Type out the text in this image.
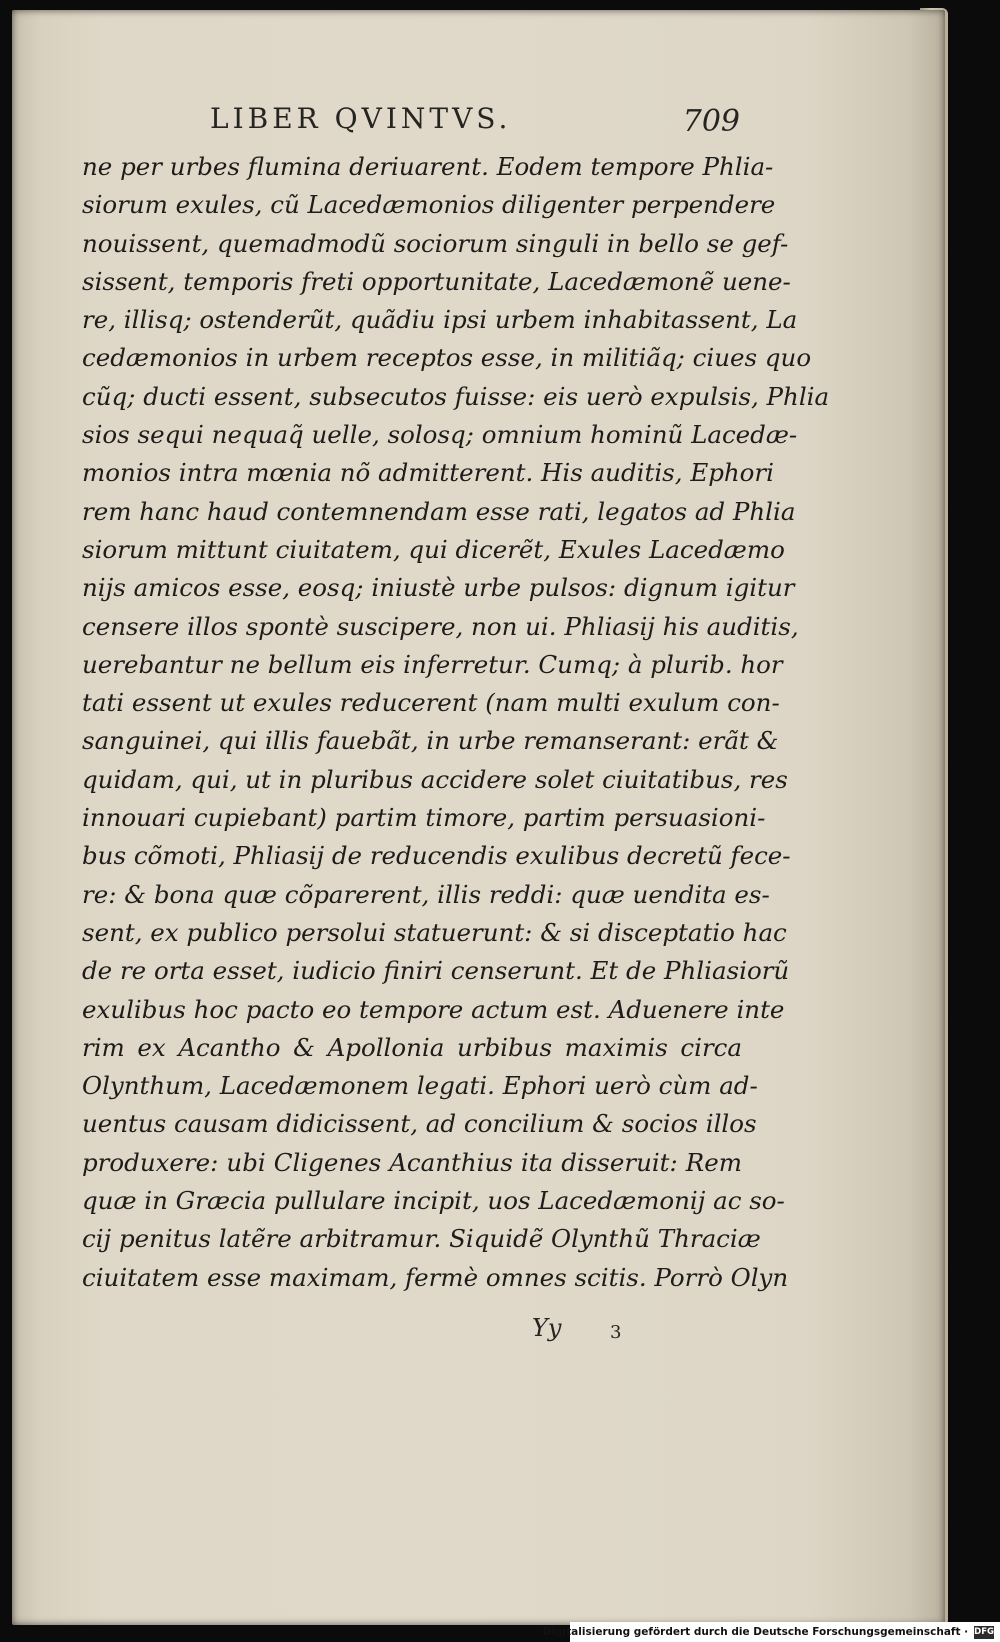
LIBER QVINTVS.	709
ne per urbes flumina deriuarent. Eodem tempore Phlia-
siorum exules, cũ Lacedæmonios diligenter perpendere
nouissent, quemadmodũ sociorum singuli in bello se gef-
sissent, temporis freti opportunitate, Lacedæmonẽ uene-
re, illisq; ostenderũt, quãdiu ipsi urbem inhabitassent, La
cedæmonios in urbem receptos esse, in militiãq; ciues quo
cũq; ducti essent, subsecutos fuisse: eis uerò expulsis, Phlia
sios sequi nequaq̃ uelle, solosq; omnium hominũ Lacedæ-
monios intra mœnia nõ admitterent. His auditis, Ephori
rem hanc haud contemnendam esse rati, legatos ad Phlia
siorum mittunt ciuitatem, qui dicerẽt, Exules Lacedæmo
nijs amicos esse, eosq; iniustè urbe pulsos: dignum igitur
censere illos spontè suscipere, non ui. Phliasij his auditis,
uerebantur ne bellum eis inferretur. Cumq; à plurib. hor
tati essent ut exules reducerent (nam multi exulum con-
sanguinei, qui illis fauebãt, in urbe remanserant: erãt &
quidam, qui, ut in pluribus accidere solet ciuitatibus, res
innouari cupiebant) partim timore, partim persuasioni-
bus cõmoti, Phliasij de reducendis exulibus decretũ fece-
re: & bona quæ cõparerent, illis reddi: quæ uendita es-
sent, ex publico persolui statuerunt: & si disceptatio hac
de re orta esset, iudicio finiri censerunt. Et de Phliasiorũ
exulibus hoc pacto eo tempore actum est. Aduenere inte
rim ex Acantho & Apollonia urbibus maximis circa
Olynthum, Lacedæmonem legati. Ephori uerò cùm ad-
uentus causam didicissent, ad concilium & socios illos
produxere: ubi Cligenes Acanthius ita disseruit: Rem
quæ in Græcia pullulare incipit, uos Lacedæmonij ac so-
cij penitus latẽre arbitramur. Siquidẽ Olynthũ Thraciæ
ciuitatem esse maximam, fermè omnes scitis. Porrò Olyn
Yy	3
Digitalisierung gefördert durch die Deutsche Forschungsgemeinschaft · DFG
